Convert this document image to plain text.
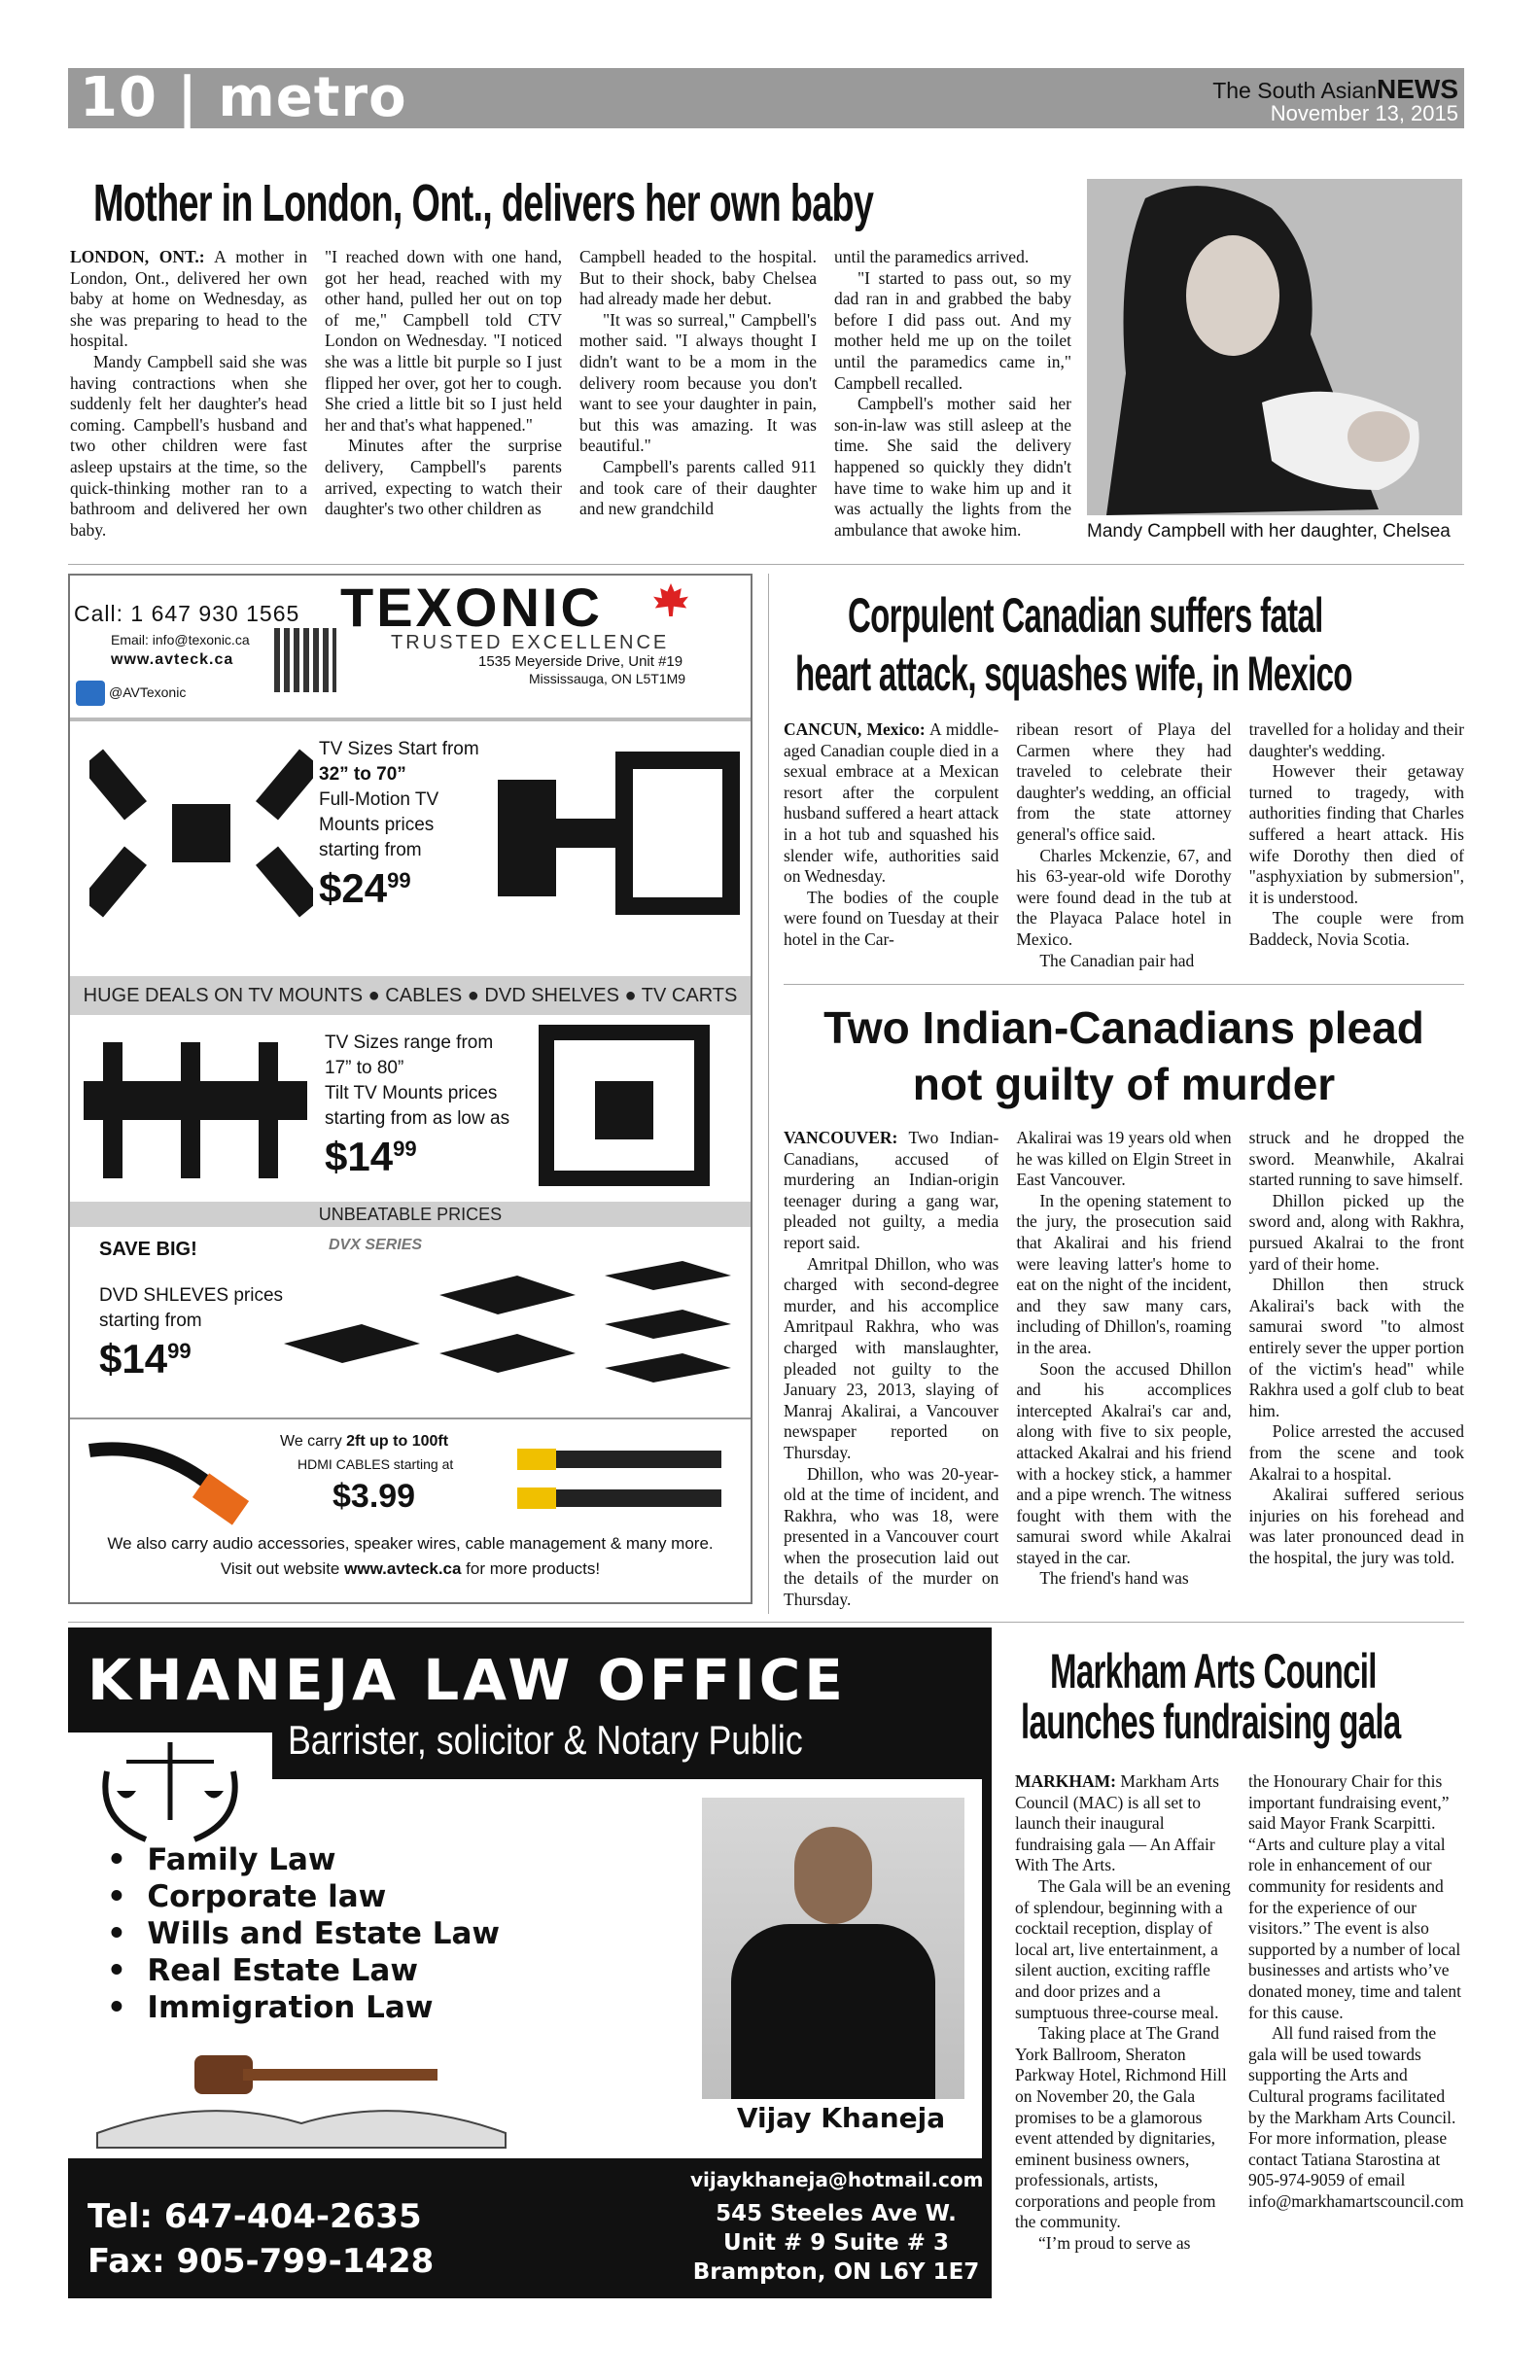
10 | metro	The South AsianNEWS
November 13, 2015
Mother in London, Ont., delivers her own baby

LONDON, ONT.: A mother in London, Ont., delivered her own baby at home on Wednesday, as she was preparing to head to the hospital.

Mandy Campbell said she was having contractions when she suddenly felt her daughter's head coming. Campbell's husband and two other children were fast asleep upstairs at the time, so the quick-thinking mother ran to a bathroom and delivered her own baby.

"I reached down with one hand, got her head, reached with my other hand, pulled her out on top of me," Campbell told CTV London on Wednesday. "I noticed she was a little bit purple so I just flipped her over, got her to cough. She cried a little bit so I just held her and that's what happened."

Minutes after the surprise delivery, Campbell's parents arrived, expecting to watch their daughter's two other children as

Campbell headed to the hospital. But to their shock, baby Chelsea had already made her debut.

"It was so surreal," Campbell's mother said. "I always thought I didn't want to be a mom in the delivery room because you don't want to see your daughter in pain, but this was amazing. It was beautiful."

Campbell's parents called 911 and took care of their daughter and new grandchild

until the paramedics arrived.

"I started to pass out, so my dad ran in and grabbed the baby before I did pass out. And my mother held me up on the toilet until the paramedics came in," Campbell recalled.

Campbell's mother said her son-in-law was still asleep at the time. She said the delivery happened so quickly they didn't have time to wake him up and it was actually the lights from the ambulance that awoke him.	Mandy Campbell with her daughter, Chelsea
Call: 1 647 930 1565
Email: info@texonic.ca
www.avteck.ca
@AVTexonic
TEXONIC
TRUSTED EXCELLENCE
1535 Meyerside Drive, Unit #19
Mississauga, ON L5T1M9
TV Sizes Start from
32” to 70”
Full-Motion TV
Mounts prices
starting from
$\$24^{99}$
HUGE DEALS ON TV MOUNTS ● CABLES ● DVD SHELVES ● TV CARTS
TV Sizes range from
17” to 80”
Tilt TV Mounts prices
starting from as low as
$\$14^{99}$
UNBEATABLE PRICES
SAVE BIG!	DVX SERIES
DVD SHLEVES prices
starting from
$\$14^{99}$
We carry 2ft up to 100ft
HDMI CABLES starting at
$3.99
We also carry audio accessories, speaker wires, cable management & many more.
Visit out website www.avteck.ca for more products!
Corpulent Canadian suffers fatal
heart attack, squashes wife, in Mexico

CANCUN, Mexico: A middle-aged Canadian couple died in a sexual embrace at a Mexican resort after the corpulent husband suffered a heart attack in a hot tub and squashed his slender wife, authorities said on Wednesday.

The bodies of the couple were found on Tuesday at their hotel in the Car-

ribean resort of Playa del Carmen where they had traveled to celebrate their daughter's wedding, an official from the state attorney general's office said.

Charles Mckenzie, 67, and his 63-year-old wife Dorothy were found dead in the tub at the Playaca Palace hotel in Mexico.

The Canadian pair had

travelled for a holiday and their daughter's wedding.

However their getaway turned to tragedy, with authorities finding that Charles suffered a heart attack. His wife Dorothy then died of "asphyxiation by submersion", it is understood.

The couple were from Baddeck, Novia Scotia.

Two Indian-Canadians plead
not guilty of murder

VANCOUVER: Two Indian-Canadians, accused of murdering an Indian-origin teenager during a gang war, pleaded not guilty, a media report said.

Amritpal Dhillon, who was charged with second-degree murder, and his accomplice Amritpaul Rakhra, who was charged with manslaughter, pleaded not guilty to the January 23, 2013, slaying of Manraj Akalirai, a Vancouver newspaper reported on Thursday.

Dhillon, who was 20-year-old at the time of incident, and Rakhra, who was 18, were presented in a Vancouver court when the prosecution laid out the details of the murder on Thursday.

Akalirai was 19 years old when he was killed on Elgin Street in East Vancouver.

In the opening statement to the jury, the prosecution said that Akalirai and his friend were leaving latter's home to eat on the night of the incident, and they saw many cars, including of Dhillon's, roaming in the area.

Soon the accused Dhillon and his accomplices intercepted Akalrai's car and, along with five to six people, attacked Akalrai and his friend with a hockey stick, a hammer and a pipe wrench. The witness fought with them with the samurai sword while Akalrai stayed in the car.

The friend's hand was

struck and he dropped the sword. Meanwhile, Akalrai started running to save himself.

Dhillon picked up the sword and, along with Rakhra, pursued Akalrai to the front yard of their home.

Dhillon then struck Akalirai's back with the samurai sword "to almost entirely sever the upper portion of the victim's head" while Rakhra used a golf club to beat him.

Police arrested the accused from the scene and took Akalrai to a hospital.

Akalirai suffered serious injuries on his forehead and was later pronounced dead in the hospital, the jury was told.

KHANEJA LAW OFFICE
Barrister, solicitor & Notary Public
•  Family Law
•  Corporate law
•  Wills and Estate Law
•  Real Estate Law
•  Immigration Law
Vijay Khaneja
vijaykhaneja@hotmail.com
Tel: 647-404-2635
Fax: 905-799-1428
545 Steeles Ave W.
Unit # 9 Suite # 3
Brampton, ON L6Y 1E7
Markham Arts Council
launches fundraising gala

MARKHAM: Markham Arts Council (MAC) is all set to launch their inaugural fundraising gala — An Affair With The Arts.

The Gala will be an evening of splendour, beginning with a cocktail reception, display of local art, live entertainment, a silent auction, exciting raffle and door prizes and a sumptuous three-course meal.

Taking place at The Grand York Ballroom, Sheraton Parkway Hotel, Richmond Hill on November 20, the Gala promises to be a glamorous event attended by dignitaries, eminent business owners, professionals, artists, corporations and people from the community.

“I’m proud to serve as

the Honourary Chair for this important fundraising event,” said Mayor Frank Scarpitti. “Arts and culture play a vital role in enhancement of our community for residents and for the experience of our visitors.” The event is also supported by a number of local businesses and artists who’ve donated money, time and talent for this cause.

All fund raised from the gala will be used towards supporting the Arts and Cultural programs facilitated by the Markham Arts Council. For more information, please contact Tatiana Starostina at 905-974-9059 of email info@markhamartscouncil.com
